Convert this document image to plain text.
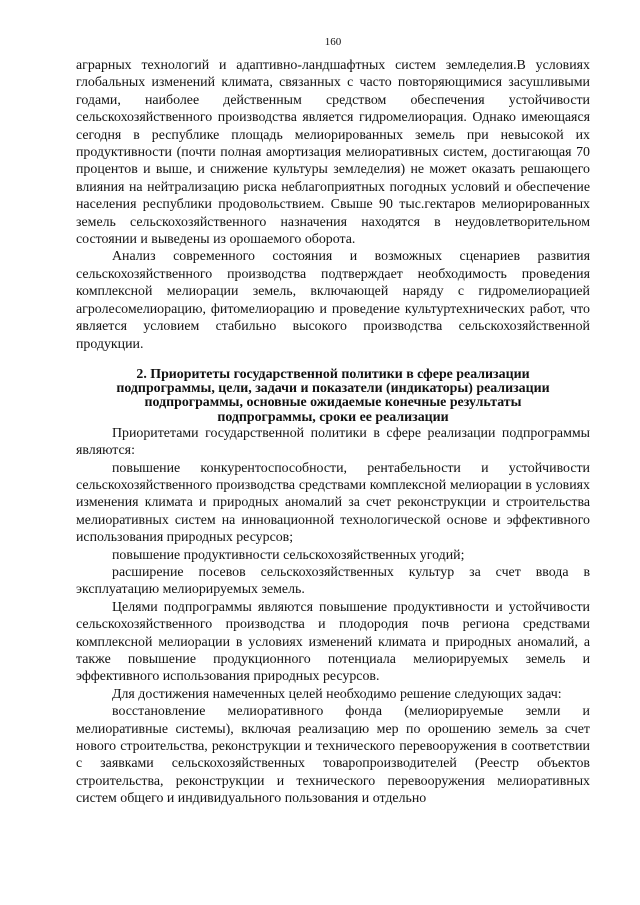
160

аграрных технологий и адаптивно-ландшафтных систем земледелия.В условиях глобальных изменений климата, связанных с часто повторяющимися засушливыми годами, наиболее действенным средством обеспечения устойчивости сельскохозяйственного производства является гидромелиорация. Однако имеющаяся сегодня в республике площадь мелиорированных земель при невысокой их продуктивности (почти полная амортизация мелиоративных систем, достигающая 70 процентов и выше, и снижение культуры земледелия) не может оказать решающего влияния на нейтрализацию риска неблагоприятных погодных условий и обеспечение населения республики продовольствием. Свыше 90 тыс.гектаров мелиорированных земель сельскохозяйственного назначения находятся в неудовлетворительном состоянии и выведены из орошаемого оборота.

Анализ современного состояния и возможных сценариев развития сельскохозяйственного производства подтверждает необходимость проведения комплексной мелиорации земель, включающей наряду с гидромелиорацией агролесомелиорацию, фитомелиорацию и проведение культуртехнических работ, что является условием стабильно высокого производства сельскохозяйственной продукции.

2. Приоритеты государственной политики в сфере реализации
подпрограммы, цели, задачи и показатели (индикаторы) реализации
подпрограммы, основные ожидаемые конечные результаты
подпрограммы, сроки ее реализации

Приоритетами государственной политики в сфере реализации подпрограммы являются:

повышение конкурентоспособности, рентабельности и устойчивости сельскохозяйственного производства средствами комплексной мелиорации в условиях изменения климата и природных аномалий за счет реконструкции и строительства мелиоративных систем на инновационной технологической основе и эффективного использования природных ресурсов;

повышение продуктивности сельскохозяйственных угодий;

расширение посевов сельскохозяйственных культур за счет ввода в эксплуатацию мелиорируемых земель.

Целями подпрограммы являются повышение продуктивности и устойчивости сельскохозяйственного производства и плодородия почв региона средствами комплексной мелиорации в условиях изменений климата и природных аномалий, а также повышение продукционного потенциала мелиорируемых земель и эффективного использования природных ресурсов.

Для достижения намеченных целей необходимо решение следующих задач:

восстановление мелиоративного фонда (мелиорируемые земли и мелиоративные системы), включая реализацию мер по орошению земель за счет нового строительства, реконструкции и технического перевооружения в соответствии с заявками сельскохозяйственных товаропроизводителей (Реестр объектов строительства, реконструкции и технического перевооружения мелиоративных систем общего и индивидуального пользования и отдельно
